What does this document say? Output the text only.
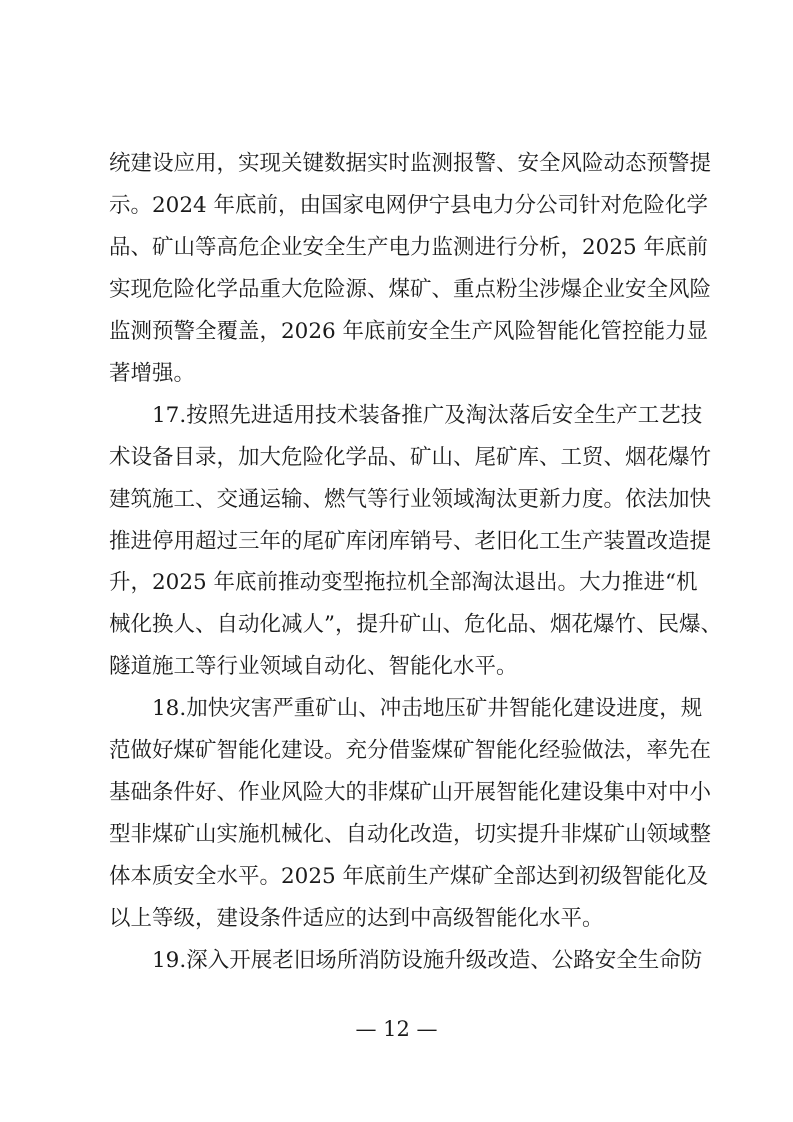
统建设应用，实现关键数据实时监测报警、安全风险动态预警提
示。2024 年底前，由国家电网伊宁县电力分公司针对危险化学
品、矿山等高危企业安全生产电力监测进行分析，2025 年底前
实现危险化学品重大危险源、煤矿、重点粉尘涉爆企业安全风险
监测预警全覆盖，2026 年底前安全生产风险智能化管控能力显
著增强。
17.按照先进适用技术装备推广及淘汰落后安全生产工艺技
术设备目录，加大危险化学品、矿山、尾矿库、工贸、烟花爆竹
建筑施工、交通运输、燃气等行业领域淘汰更新力度。依法加快
推进停用超过三年的尾矿库闭库销号、老旧化工生产装置改造提
升，2025 年底前推动变型拖拉机全部淘汰退出。大力推进“机
械化换人、自动化减人”，提升矿山、危化品、烟花爆竹、民爆、
隧道施工等行业领域自动化、智能化水平。
18.加快灾害严重矿山、冲击地压矿井智能化建设进度，规
范做好煤矿智能化建设。充分借鉴煤矿智能化经验做法，率先在
基础条件好、作业风险大的非煤矿山开展智能化建设集中对中小
型非煤矿山实施机械化、自动化改造，切实提升非煤矿山领域整
体本质安全水平。2025 年底前生产煤矿全部达到初级智能化及
以上等级，建设条件适应的达到中高级智能化水平。
19.深入开展老旧场所消防设施升级改造、公路安全生命防
— 12 —
